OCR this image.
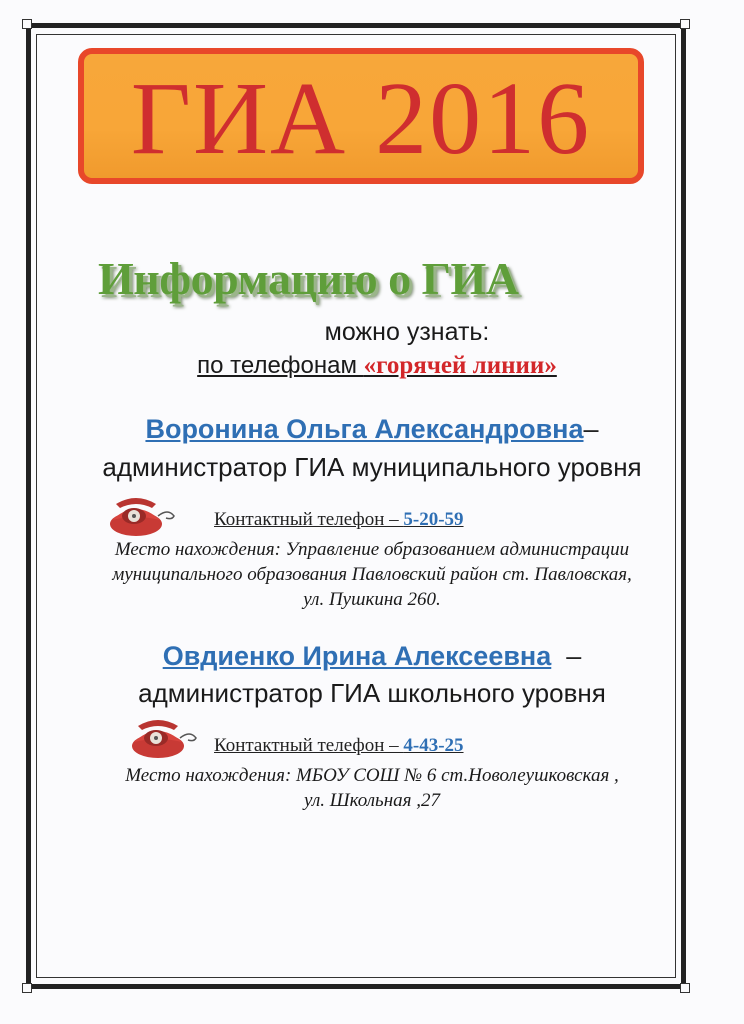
ГИА 2016
Информацию о ГИА
можно узнать:
по телефонам «горячей линии»
Воронина Ольга Александровна–
администратор ГИА муниципального уровня
Контактный телефон – 5-20-59
Место нахождения: Управление образованием администрации
муниципального образования Павловский район ст. Павловская,
ул. Пушкина 260.
Овдиенко Ирина Алексеевна  –
администратор ГИА школьного уровня
Контактный телефон – 4-43-25
Место нахождения: МБОУ СОШ № 6 ст.Новолеушковская ,
ул. Школьная ,27
